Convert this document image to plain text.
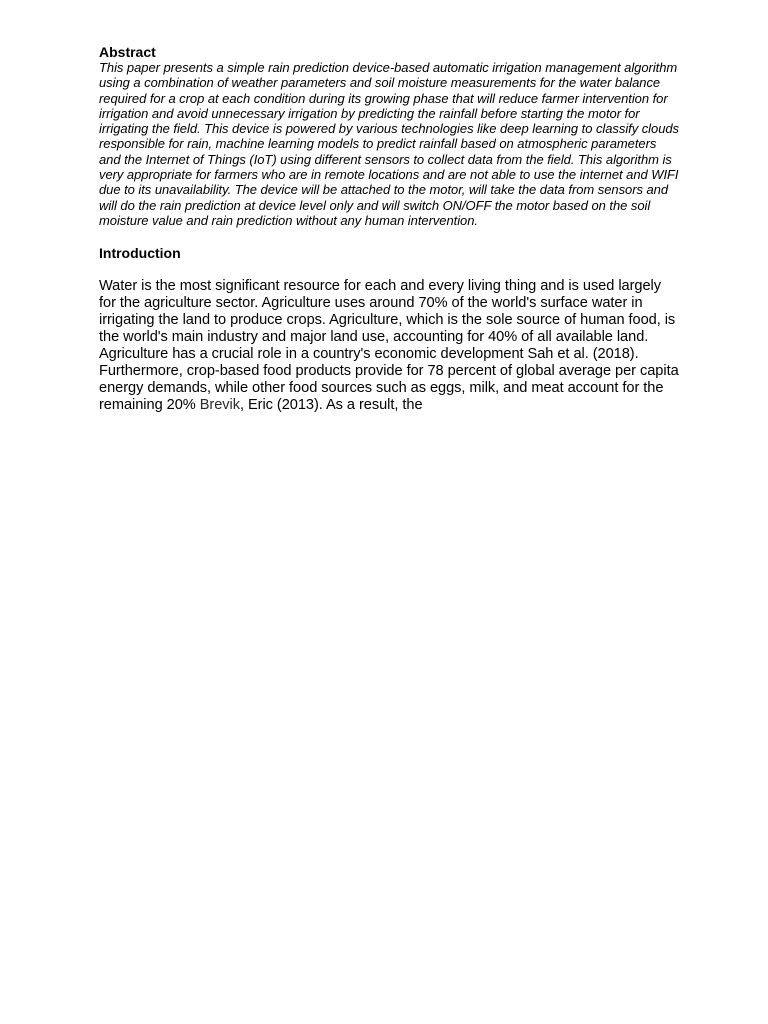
Abstract

This paper presents a simple rain prediction device-based automatic irrigation management algorithm using a combination of weather parameters and soil moisture measurements for the water balance required for a crop at each condition during its growing phase that will reduce farmer intervention for irrigation and avoid unnecessary irrigation by predicting the rainfall before starting the motor for irrigating the field. This device is powered by various technologies like deep learning to classify clouds responsible for rain, machine learning models to predict rainfall based on atmospheric parameters and the Internet of Things (IoT) using different sensors to collect data from the field. This algorithm is very appropriate for farmers who are in remote locations and are not able to use the internet and WIFI due to its unavailability. The device will be attached to the motor, will take the data from sensors and will do the rain prediction at device level only and will switch ON/OFF the motor based on the soil moisture value and rain prediction without any human intervention.

Introduction

Water is the most significant resource for each and every living thing and is used largely for the agriculture sector. Agriculture uses around 70% of the world's surface water in irrigating the land to produce crops. Agriculture, which is the sole source of human food, is the world's main industry and major land use, accounting for 40% of all available land. Agriculture has a crucial role in a country's economic development Sah et al. (2018). Furthermore, crop-based food products provide for 78 percent of global average per capita energy demands, while other food sources such as eggs, milk, and meat account for the remaining 20% Brevik, Eric (2013). As a result, the
